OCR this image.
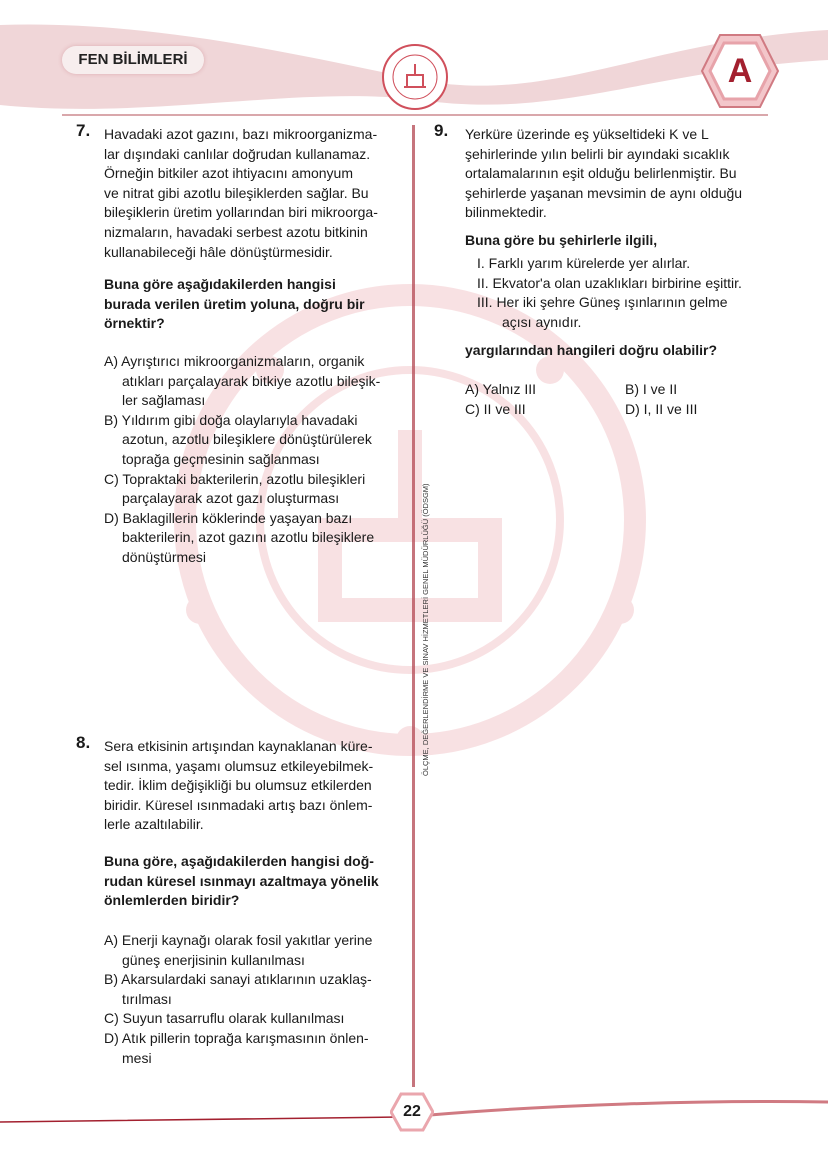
FEN BİLİMLERİ	A
ÖLÇME, DEĞERLENDİRME VE SINAV HİZMETLERİ GENEL MÜDÜRLÜĞÜ (ÖDSGM)
7. Havadaki azot gazını, bazı mikroorganizma-
lar dışındaki canlılar doğrudan kullanamaz.
Örneğin bitkiler azot ihtiyacını amonyum
ve nitrat gibi azotlu bileşiklerden sağlar. Bu
bileşiklerin üretim yollarından biri mikroorga-
nizmaların, havadaki serbest azotu bitkinin
kullanabileceği hâle dönüştürmesidir.
Buna göre aşağıdakilerden hangisi
burada verilen üretim yoluna, doğru bir
örnektir?
A) Ayrıştırıcı mikroorganizmaların, organik
atıkları parçalayarak bitkiye azotlu bileşik-
ler sağlaması
B) Yıldırım gibi doğa olaylarıyla havadaki
azotun, azotlu bileşiklere dönüştürülerek
toprağa geçmesinin sağlanması
C) Topraktaki bakterilerin, azotlu bileşikleri
parçalayarak azot gazı oluşturması
D) Baklagillerin köklerinde yaşayan bazı
bakterilerin, azot gazını azotlu bileşiklere
dönüştürmesi
8. Sera etkisinin artışından kaynaklanan küre-
sel ısınma, yaşamı olumsuz etkileyebilmek-
tedir. İklim değişikliği bu olumsuz etkilerden
biridir. Küresel ısınmadaki artış bazı önlem-
lerle azaltılabilir.
Buna göre, aşağıdakilerden hangisi doğ-
rudan küresel ısınmayı azaltmaya yönelik
önlemlerden biridir?
A) Enerji kaynağı olarak fosil yakıtlar yerine
güneş enerjisinin kullanılması
B) Akarsulardaki sanayi atıklarının uzaklaş-
tırılması
C) Suyun tasarruflu olarak kullanılması
D) Atık pillerin toprağa karışmasının önlen-
mesi
9. Yerküre üzerinde eş yükseltideki K ve L
şehirlerinde yılın belirli bir ayındaki sıcaklık
ortalamalarının eşit olduğu belirlenmiştir. Bu
şehirlerde yaşanan mevsimin de aynı olduğu
bilinmektedir.
Buna göre bu şehirlerle ilgili,
I. Farklı yarım kürelerde yer alırlar.
II. Ekvator'a olan uzaklıkları birbirine eşittir.
III. Her iki şehre Güneş ışınlarının gelme
açısı aynıdır.
yargılarından hangileri doğru olabilir?
A) Yalnız III	B) I ve II
C) II ve III	D) I, II ve III
22
